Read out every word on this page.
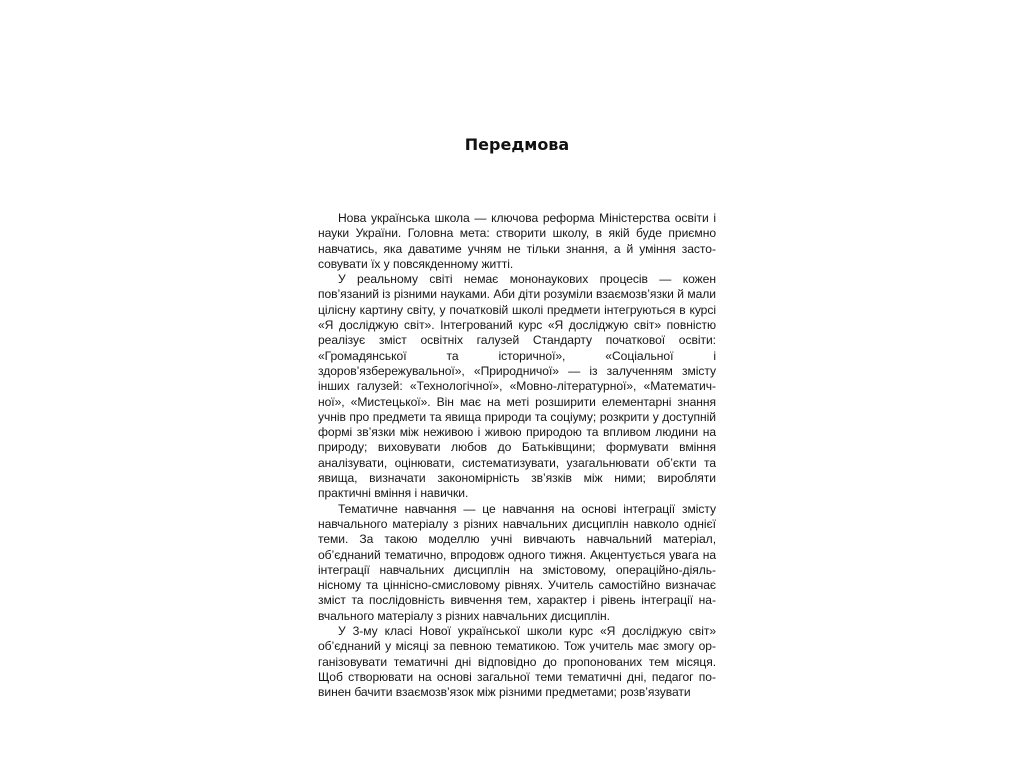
Передмова

Нова українська школа — ключова реформа Міністерства освіти і науки України. Головна мета: створити школу, в якій буде приємно навчатись, яка даватиме учням не тільки знання, а й уміння застосовувати їх у повсякденному житті.

У реальному світі немає мононаукових процесів — кожен пов’язаний із різними науками. Аби діти розуміли взаємозв’язки й мали цілісну картину світу, у початковій школі предмети інтегруються в курсі «Я досліджую світ». Інтегрований курс «Я досліджую світ» повністю реалізує зміст освітніх галузей Стандарту початкової освіти: «Громадянської та історичної», «Соціальної і здоров’язбережувальної», «Природничої» — із залученням змісту інших галузей: «Технологічної», «Мовно-літературної», «Математичної», «Мистецької». Він має на меті розширити елементарні знання учнів про предмети та явища природи та соціуму; розкрити у доступній формі зв’язки між неживою і живою природою та впливом людини на природу; виховувати любов до Батьківщини; формувати вміння аналізувати, оцінювати, систематизувати, узагальнювати об’єкти та явища, визначати закономірність зв’язків між ними; виробляти практичні вміння і навички.

Тематичне навчання — це навчання на основі інтеграції змісту навчального матеріалу з різних навчальних дисциплін навколо однієї теми. За такою моделлю учні вивчають навчальний матеріал, об’єднаний тематично, впродовж одного тижня. Акцентується увага на інтеграції навчальних дисциплін на змістовому, операційно-діяльнісному та ціннісно-смисловому рівнях. Учитель самостійно визначає зміст та послідовність вивчення тем, характер і рівень інтеграції навчального матеріалу з різних навчальних дисциплін.

У 3-му класі Нової української школи курс «Я досліджую світ» об’єднаний у місяці за певною тематикою. Тож учитель має змогу організовувати тематичні дні відповідно до пропонованих тем місяця. Щоб створювати на основі загальної теми тематичні дні, педагог повинен бачити взаємозв’язок між різними предметами; розв’язувати
